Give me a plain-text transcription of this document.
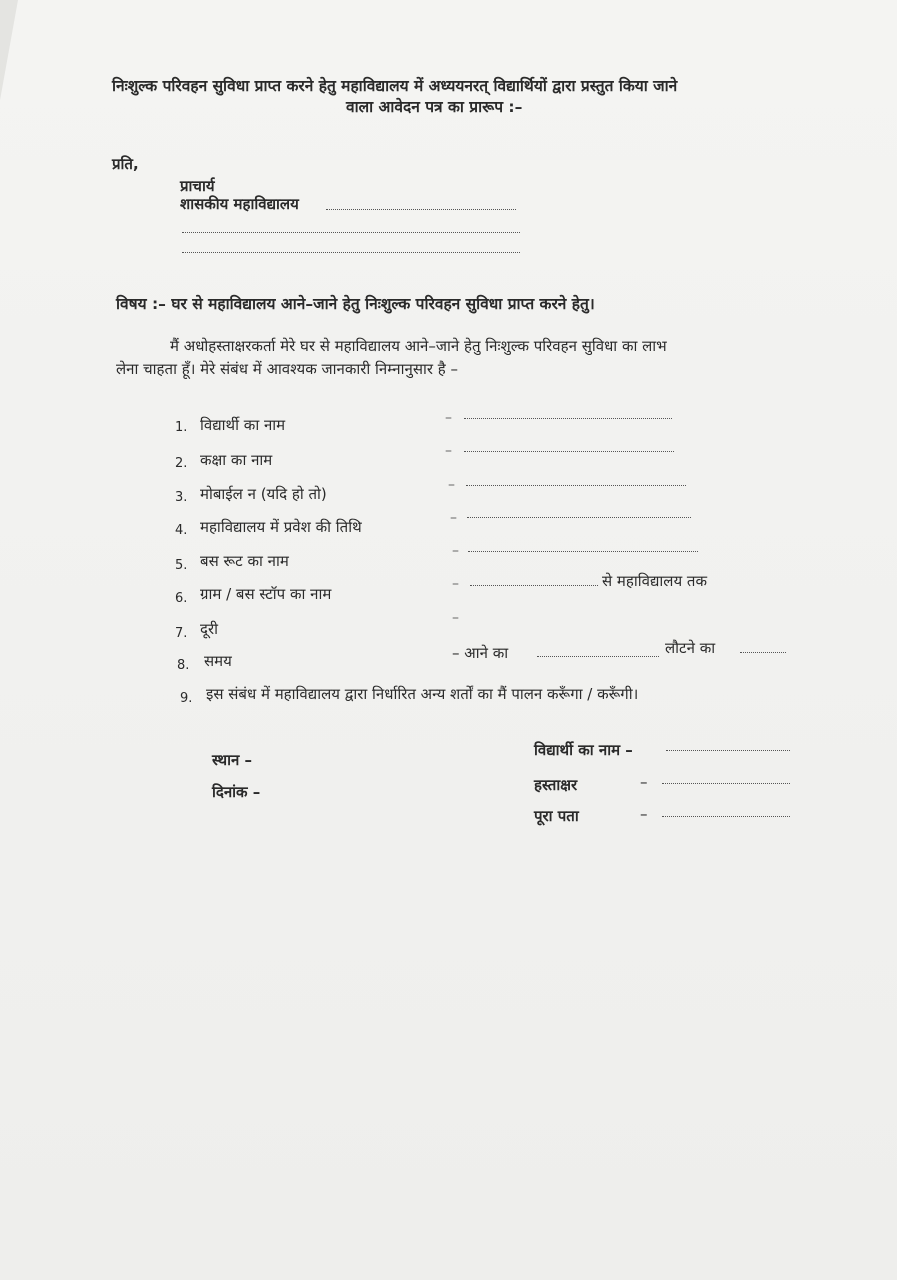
निःशुल्क परिवहन सुविधा प्राप्त करने हेतु महाविद्यालय में अध्ययनरत् विद्यार्थियों द्वारा प्रस्तुत किया जाने
वाला आवेदन पत्र का प्रारूप :–
प्रति,
प्राचार्य
शासकीय महाविद्यालय
विषय :– घर से महाविद्यालय आने–जाने हेतु निःशुल्क परिवहन सुविधा प्राप्त करने हेतु।
मैं अधोहस्ताक्षरकर्ता मेरे घर से महाविद्यालय आने–जाने हेतु निःशुल्क परिवहन सुविधा का लाभ
लेना चाहता हूँ। मेरे संबंध में आवश्यक जानकारी निम्नानुसार है –
1. विद्यार्थी का नाम	–
2. कक्षा का नाम	–
3. मोबाईल न (यदि हो तो)	–
4. महाविद्यालय में प्रवेश की तिथि	–
5. बस रूट का नाम
–
6. ग्राम / बस स्टॉप का नाम
–	से महाविद्यालय तक
7. दूरी
–
8. समय	– आने का	लौटने का
9. इस संबंध में महाविद्यालय द्वारा निर्धारित अन्य शर्तों का मैं पालन करूँगा / करूँगी।
स्थान –
दिनांक –
विद्यार्थी का नाम –
हस्ताक्षर	–
पूरा पता	–
